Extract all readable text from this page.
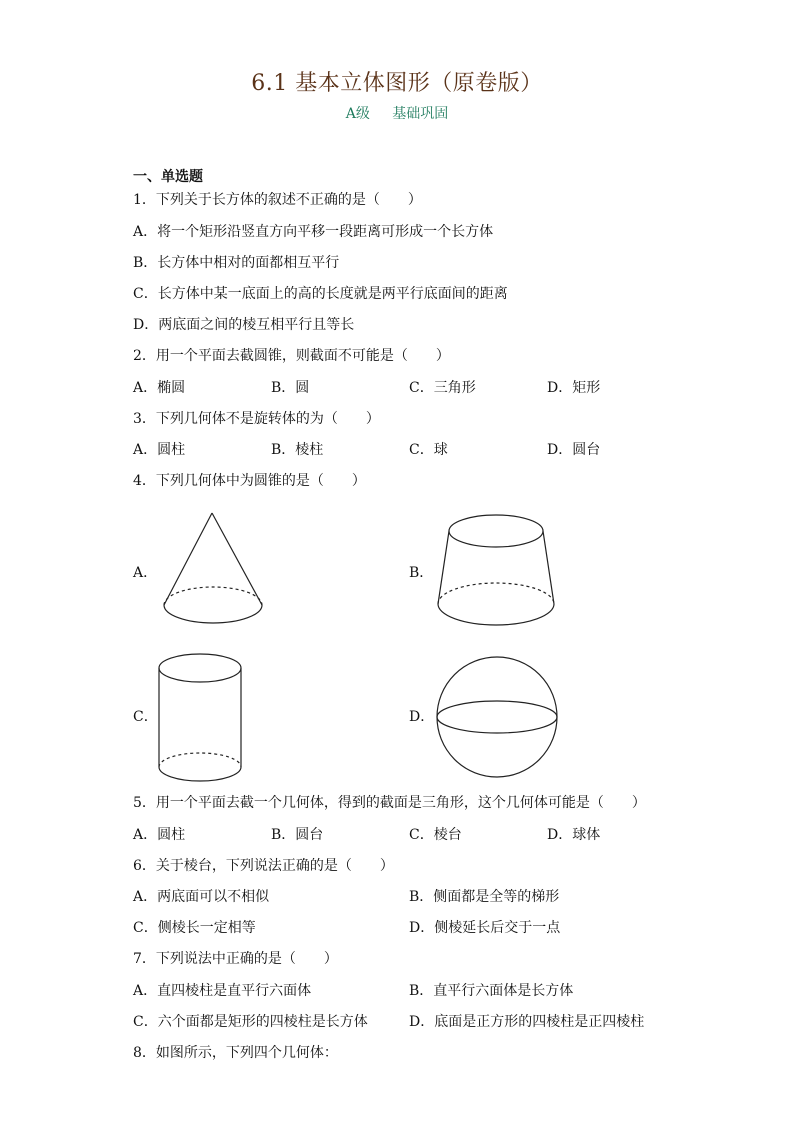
6.1 基本立体图形（原卷版）
A级 基础巩固
一、单选题
1．下列关于长方体的叙述不正确的是（　　）
A．将一个矩形沿竖直方向平移一段距离可形成一个长方体
B．长方体中相对的面都相互平行
C．长方体中某一底面上的高的长度就是两平行底面间的距离
D．两底面之间的棱互相平行且等长
2．用一个平面去截圆锥，则截面不可能是（　　）
A．椭圆	B．圆	C．三角形	D．矩形
3．下列几何体不是旋转体的为（　　）
A．圆柱	B．棱柱	C．球	D．圆台
4．下列几何体中为圆锥的是（　　）
A．	B．
C．	D．
5．用一个平面去截一个几何体，得到的截面是三角形，这个几何体可能是（　　）
A．圆柱	B．圆台	C．棱台	D．球体
6．关于棱台，下列说法正确的是（　　）
A．两底面可以不相似	B．侧面都是全等的梯形
C．侧棱长一定相等	D．侧棱延长后交于一点
7．下列说法中正确的是（　　）
A．直四棱柱是直平行六面体	B．直平行六面体是长方体
C．六个面都是矩形的四棱柱是长方体	D．底面是正方形的四棱柱是正四棱柱
8．如图所示，下列四个几何体：
